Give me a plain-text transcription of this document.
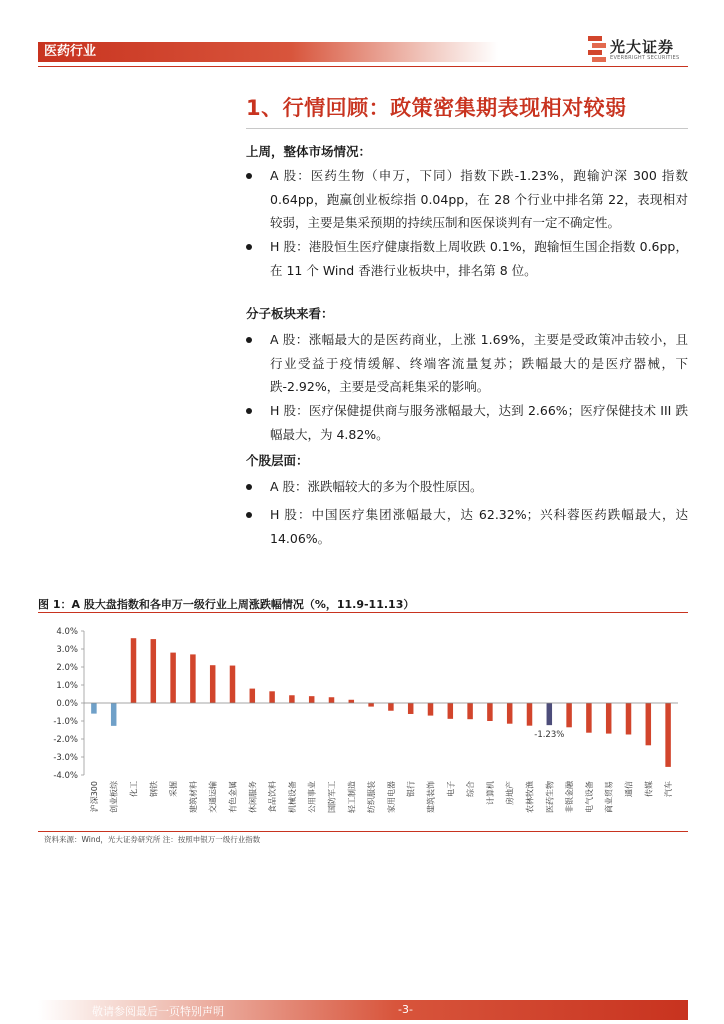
医药行业	光大证券
EVERBRIGHT SECURITIES
1、行情回顾：政策密集期表现相对较弱
上周，整体市场情况：
A 股：医药生物（申万，下同）指数下跌-1.23%，跑输沪深 300 指数 0.64pp，跑赢创业板综指 0.04pp，在 28 个行业中排名第 22，表现相对较弱，主要是集采预期的持续压制和医保谈判有一定不确定性。
H 股：港股恒生医疗健康指数上周收跌 0.1%，跑输恒生国企指数 0.6pp，在 11 个 Wind 香港行业板块中，排名第 8 位。
分子板块来看：
A 股：涨幅最大的是医药商业，上涨 1.69%，主要是受政策冲击较小，且行业受益于疫情缓解、终端客流量复苏；跌幅最大的是医疗器械，下跌-2.92%，主要是受高耗集采的影响。
H 股：医疗保健提供商与服务涨幅最大，达到 2.66%；医疗保健技术 III 跌幅最大，为 4.82%。
个股层面：
A 股：涨跌幅较大的多为个股性原因。
H 股：中国医疗集团涨幅最大，达 62.32%；兴科蓉医药跌幅最大，达 14.06%。
图 1：A 股大盘指数和各申万一级行业上周涨跌幅情况（%，11.9-11.13）
4.0%
3.0%
2.0%
1.0%
0.0%
-1.0%
-2.0%
-3.0%
-4.0%
沪深300 创业板综 化工 钢铁 采掘 建筑材料 交通运输 有色金属 休闲服务 食品饮料 机械设备 公用事业 国防军工 轻工制造 纺织服装 家用电器 银行 建筑装饰 电子 综合 计算机 房地产 农林牧渔 医药生物
-1.23%
非银金融 电气设备 商业贸易 通信 传媒 汽车
资料来源：Wind，光大证券研究所 注：按照申银万一级行业指数
敬请参阅最后一页特别声明	-3-
